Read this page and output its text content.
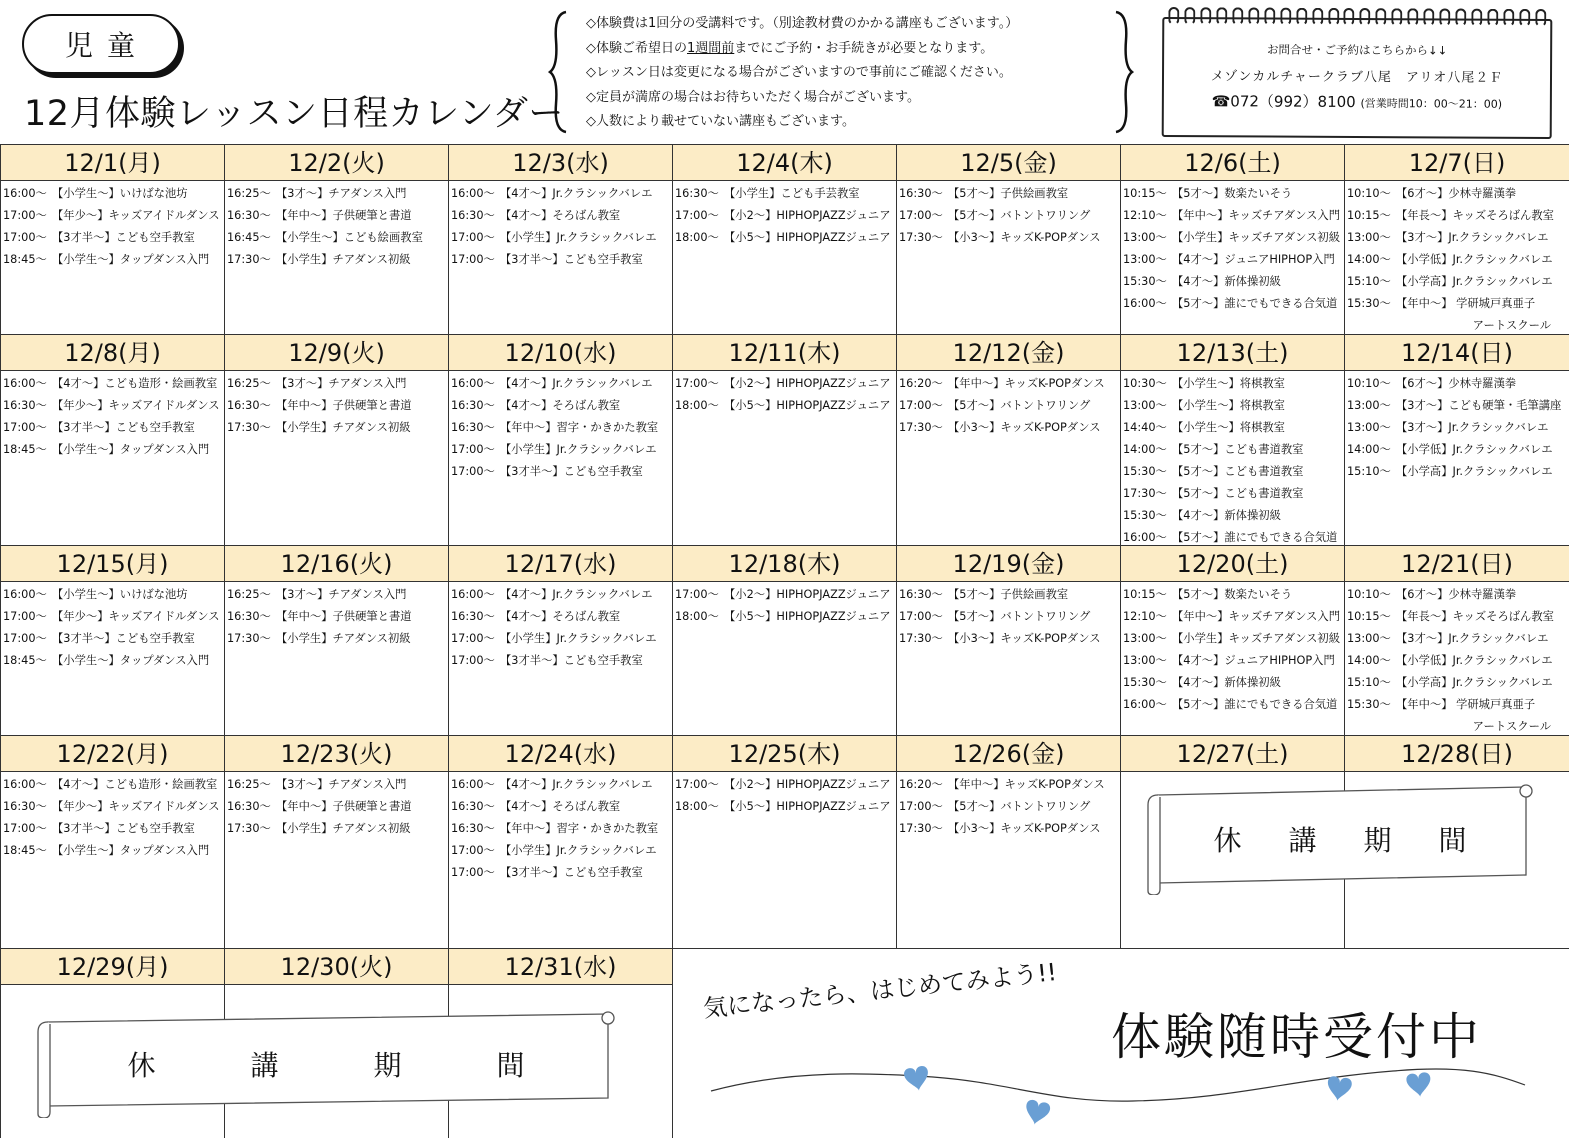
児童
12月体験レッスン日程カレンダー
◇体験費は1回分の受講料です。（別途教材費のかかる講座もございます。）
◇体験ご希望日の1週間前までにご予約・お手続きが必要となります。
◇レッスン日は変更になる場合がございますので事前にご確認ください。
◇定員が満席の場合はお待ちいただく場合がございます。
◇人数により載せていない講座もございます。
お問合せ・ご予約はこちらから↓↓
メゾンカルチャークラブ八尾　アリオ八尾２Ｆ
☎072（992）8100 (営業時間10：00～21：00)
12/1(月)
16:00～ 【小学生～】いけばな池坊
17:00～ 【年少～】キッズアイドルダンス
17:00～ 【3才半～】こども空手教室
18:45～ 【小学生～】タップダンス入門
12/2(火)
16:25～ 【3才～】チアダンス入門
16:30～ 【年中～】子供硬筆と書道
16:45～ 【小学生～】こども絵画教室
17:30～ 【小学生】チアダンス初級
12/3(水)
16:00～ 【4才～】Jr.クラシックバレエ
16:30～ 【4才～】そろばん教室
17:00～ 【小学生】Jr.クラシックバレエ
17:00～ 【3才半～】こども空手教室
12/4(木)
16:30～ 【小学生】こども手芸教室
17:00～ 【小2～】HIPHOPJAZZジュニア
18:00～ 【小5～】HIPHOPJAZZジュニア
12/5(金)
16:30～ 【5才～】子供絵画教室
17:00～ 【5才～】バトントワリング
17:30～ 【小3～】キッズK-POPダンス
12/6(土)
10:15～ 【5才～】数楽たいそう
12:10～ 【年中～】キッズチアダンス入門
13:00～ 【小学生】キッズチアダンス初級
13:00～ 【4才～】ジュニアHIPHOP入門
15:30～ 【4才～】新体操初級
16:00～ 【5才～】誰にでもできる合気道
12/7(日)
10:10～ 【6才～】少林寺羅漢拳
10:15～ 【年長～】キッズそろばん教室
13:00～ 【3才～】Jr.クラシックバレエ
14:00～ 【小学低】Jr.クラシックバレエ
15:10～ 【小学高】Jr.クラシックバレエ
15:30～ 【年中～】 学研城戸真亜子
アートスクール
12/8(月)
16:00～ 【4才～】こども造形・絵画教室
16:30～ 【年少～】キッズアイドルダンス
17:00～ 【3才半～】こども空手教室
18:45～ 【小学生～】タップダンス入門
12/9(火)
16:25～ 【3才～】チアダンス入門
16:30～ 【年中～】子供硬筆と書道
17:30～ 【小学生】チアダンス初級
12/10(水)
16:00～ 【4才～】Jr.クラシックバレエ
16:30～ 【4才～】そろばん教室
16:30～ 【年中～】習字・かきかた教室
17:00～ 【小学生】Jr.クラシックバレエ
17:00～ 【3才半～】こども空手教室
12/11(木)
17:00～ 【小2～】HIPHOPJAZZジュニア
18:00～ 【小5～】HIPHOPJAZZジュニア
12/12(金)
16:20～ 【年中～】キッズK-POPダンス
17:00～ 【5才～】バトントワリング
17:30～ 【小3～】キッズK-POPダンス
12/13(土)
10:30～ 【小学生～】将棋教室
13:00～ 【小学生～】将棋教室
14:40～ 【小学生～】将棋教室
14:00～ 【5才～】こども書道教室
15:30～ 【5才～】こども書道教室
17:30～ 【5才～】こども書道教室
15:30～ 【4才～】新体操初級
16:00～ 【5才～】誰にでもできる合気道
12/14(日)
10:10～ 【6才～】少林寺羅漢拳
13:00～ 【3才～】こども硬筆・毛筆講座
13:00～ 【3才～】Jr.クラシックバレエ
14:00～ 【小学低】Jr.クラシックバレエ
15:10～ 【小学高】Jr.クラシックバレエ
12/15(月)
16:00～ 【小学生～】いけばな池坊
17:00～ 【年少～】キッズアイドルダンス
17:00～ 【3才半～】こども空手教室
18:45～ 【小学生～】タップダンス入門
12/16(火)
16:25～ 【3才～】チアダンス入門
16:30～ 【年中～】子供硬筆と書道
17:30～ 【小学生】チアダンス初級
12/17(水)
16:00～ 【4才～】Jr.クラシックバレエ
16:30～ 【4才～】そろばん教室
17:00～ 【小学生】Jr.クラシックバレエ
17:00～ 【3才半～】こども空手教室
12/18(木)
17:00～ 【小2～】HIPHOPJAZZジュニア
18:00～ 【小5～】HIPHOPJAZZジュニア
12/19(金)
16:30～ 【5才～】子供絵画教室
17:00～ 【5才～】バトントワリング
17:30～ 【小3～】キッズK-POPダンス
12/20(土)
10:15～ 【5才～】数楽たいそう
12:10～ 【年中～】キッズチアダンス入門
13:00～ 【小学生】キッズチアダンス初級
13:00～ 【4才～】ジュニアHIPHOP入門
15:30～ 【4才～】新体操初級
16:00～ 【5才～】誰にでもできる合気道
12/21(日)
10:10～ 【6才～】少林寺羅漢拳
10:15～ 【年長～】キッズそろばん教室
13:00～ 【3才～】Jr.クラシックバレエ
14:00～ 【小学低】Jr.クラシックバレエ
15:10～ 【小学高】Jr.クラシックバレエ
15:30～ 【年中～】 学研城戸真亜子
アートスクール
12/22(月)
16:00～ 【4才～】こども造形・絵画教室
16:30～ 【年少～】キッズアイドルダンス
17:00～ 【3才半～】こども空手教室
18:45～ 【小学生～】タップダンス入門
12/23(火)
16:25～ 【3才～】チアダンス入門
16:30～ 【年中～】子供硬筆と書道
17:30～ 【小学生】チアダンス初級
12/24(水)
16:00～ 【4才～】Jr.クラシックバレエ
16:30～ 【4才～】そろばん教室
16:30～ 【年中～】習字・かきかた教室
17:00～ 【小学生】Jr.クラシックバレエ
17:00～ 【3才半～】こども空手教室
12/25(木)
17:00～ 【小2～】HIPHOPJAZZジュニア
18:00～ 【小5～】HIPHOPJAZZジュニア
12/26(金)
16:20～ 【年中～】キッズK-POPダンス
17:00～ 【5才～】バトントワリング
17:30～ 【小3～】キッズK-POPダンス
12/27(土)	12/28(日)
休 講 期 間
12/29(月)	12/30(火)	12/31(水)
休	講	期	間
気になったら、はじめてみよう!!
体験随時受付中
